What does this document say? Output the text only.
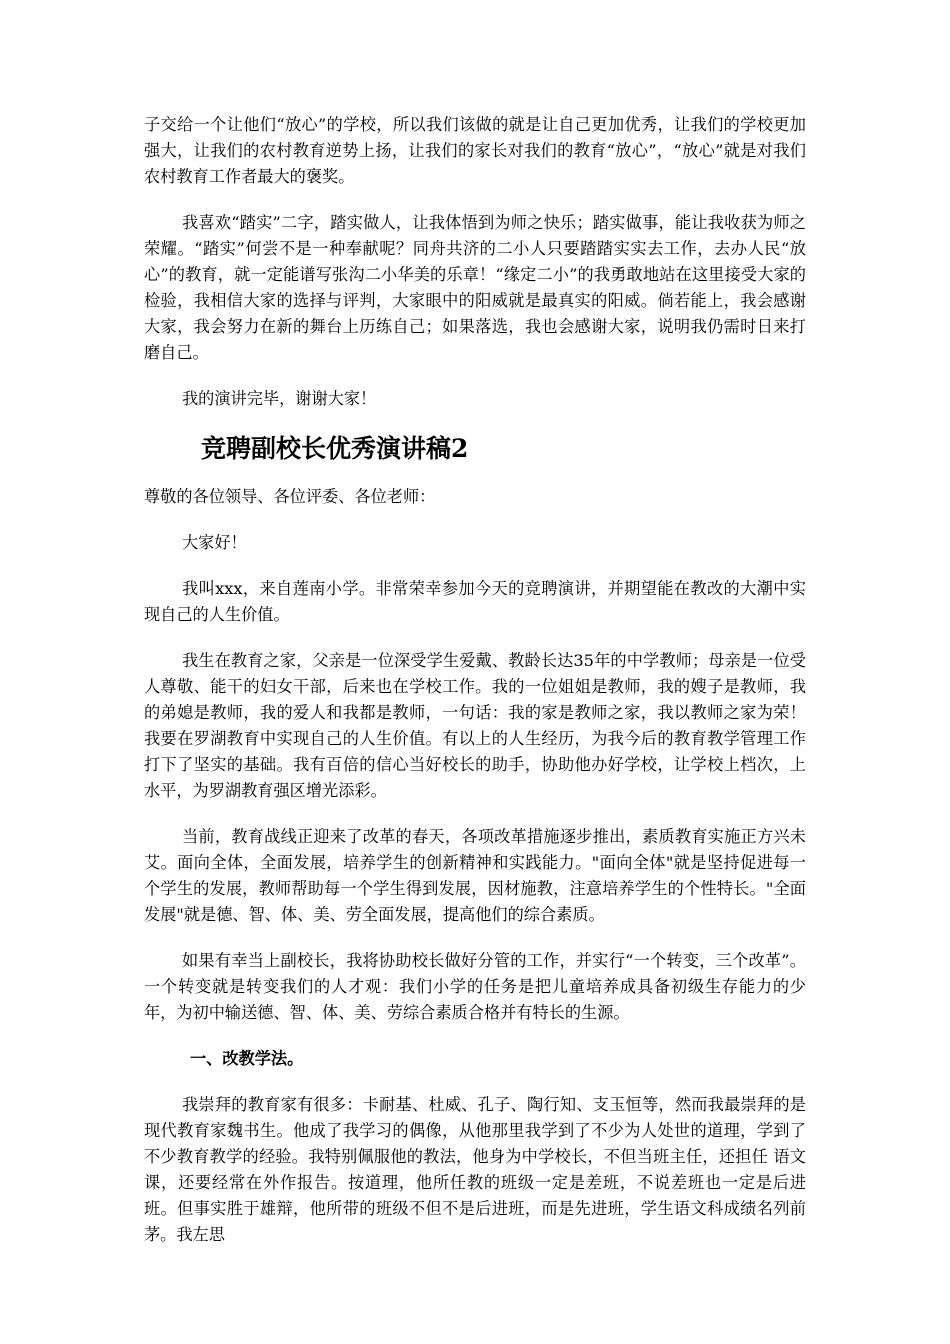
子交给一个让他们“放心”的学校，所以我们该做的就是让自己更加优秀，让我们的学校更加强大，让我们的农村教育逆势上扬，让我们的家长对我们的教育“放心”，“放心”就是对我们农村教育工作者最大的褒奖。

我喜欢“踏实”二字，踏实做人，让我体悟到为师之快乐；踏实做事，能让我收获为师之荣耀。“踏实”何尝不是一种奉献呢？同舟共济的二小人只要踏踏实实去工作，去办人民“放心”的教育，就一定能谱写张沟二小华美的乐章！“缘定二小”的我勇敢地站在这里接受大家的检验，我相信大家的选择与评判，大家眼中的阳威就是最真实的阳威。倘若能上，我会感谢大家，我会努力在新的舞台上历练自己；如果落选，我也会感谢大家，说明我仍需时日来打磨自己。

我的演讲完毕，谢谢大家！

竞聘副校长优秀演讲稿2

尊敬的各位领导、各位评委、各位老师：

大家好！

我叫xxx，来自莲南小学。非常荣幸参加今天的竞聘演讲，并期望能在教改的大潮中实现自己的人生价值。

我生在教育之家，父亲是一位深受学生爱戴、教龄长达35年的中学教师；母亲是一位受人尊敬、能干的妇女干部，后来也在学校工作。我的一位姐姐是教师，我的嫂子是教师，我的弟媳是教师，我的爱人和我都是教师，一句话：我的家是教师之家，我以教师之家为荣！ 我要在罗湖教育中实现自己的人生价值。有以上的人生经历，为我今后的教育教学管理工作打下了坚实的基础。我有百倍的信心当好校长的助手，协助他办好学校，让学校上档次，上水平，为罗湖教育强区增光添彩。

当前，教育战线正迎来了改革的春天，各项改革措施逐步推出，素质教育实施正方兴未艾。面向全体，全面发展，培养学生的创新精神和实践能力。"面向全体"就是坚持促进每一个学生的发展，教师帮助每一个学生得到发展，因材施教，注意培养学生的个性特长。"全面发展"就是德、智、体、美、劳全面发展，提高他们的综合素质。

如果有幸当上副校长，我将协助校长做好分管的工作，并实行“一个转变，三个改革”。一个转变就是转变我们的人才观：我们小学的任务是把儿童培养成具备初级生存能力的少年，为初中输送德、智、体、美、劳综合素质合格并有特长的生源。

一、改教学法。

我崇拜的教育家有很多：卡耐基、杜威、孔子、陶行知、支玉恒等，然而我最崇拜的是现代教育家魏书生。他成了我学习的偶像，从他那里我学到了不少为人处世的道理，学到了不少教育教学的经验。我特别佩服他的教法，他身为中学校长，不但当班主任，还担任 语文 课，还要经常在外作报告。按道理，他所任教的班级一定是差班，不说差班也一定是后进班。但事实胜于雄辩，他所带的班级不但不是后进班，而是先进班，学生语文科成绩名列前茅。我左思
